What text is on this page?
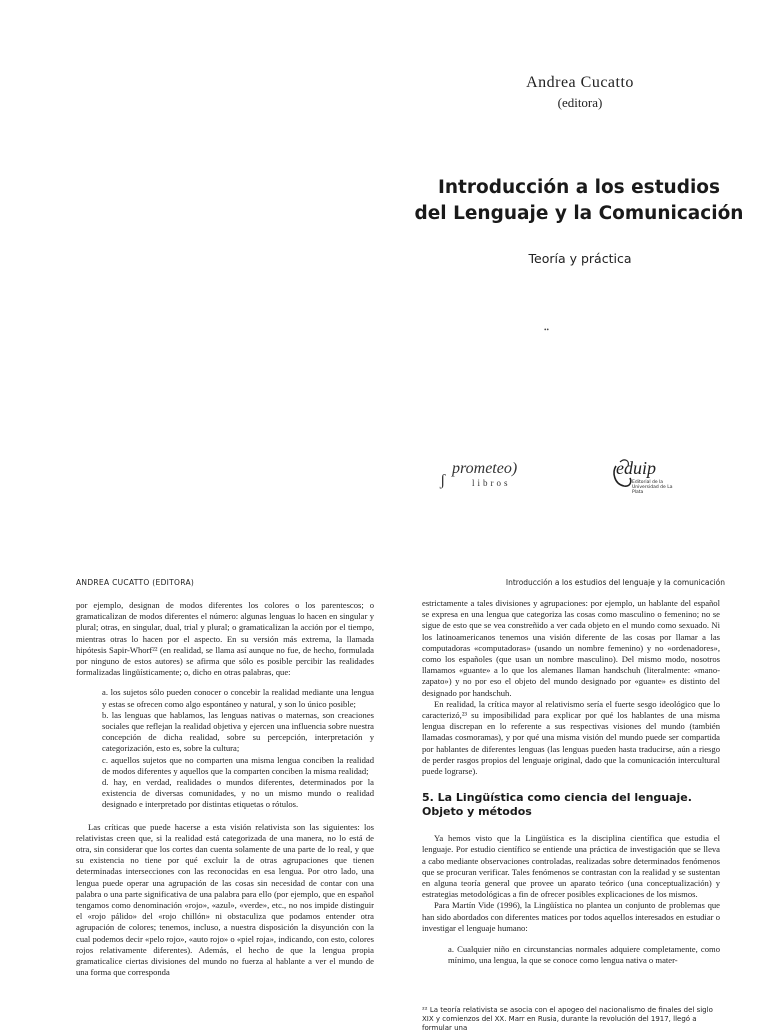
Andrea Cucatto
(editora)
Introducción a los estudios
del Lenguaje y la Comunicación
Teoría y práctica
••
ʃ
prometeo)
libros
eduip
Editorial de la Universidad de La Plata
ANDREA CUCATTO (EDITORA)	Introducción a los estudios del lenguaje y la comunicación

por ejemplo, designan de modos diferentes los colores o los parentescos; o gramaticalizan de modos diferentes el número: algunas lenguas lo hacen en singular y plural; otras, en singular, dual, trial y plural; o gramaticalizan la acción por el tiempo, mientras otras lo hacen por el aspecto. En su versión más extrema, la llamada hipótesis Sapir-Whorf²² (en realidad, se llama así aunque no fue, de hecho, formulada por ninguno de estos autores) se afirma que sólo es posible percibir las realidades formalizadas lingüísticamente; o, dicho en otras palabras, que:

a. los sujetos sólo pueden conocer o concebir la realidad mediante una lengua y estas se ofrecen como algo espontáneo y natural, y son lo único posible;

b. las lenguas que hablamos, las lenguas nativas o maternas, son creaciones sociales que reflejan la realidad objetiva y ejercen una influencia sobre nuestra concepción de dicha realidad, sobre su percepción, interpretación y categorización, esto es, sobre la cultura;

c. aquellos sujetos que no comparten una misma lengua conciben la realidad de modos diferentes y aquellos que la comparten conciben la misma realidad;

d. hay, en verdad, realidades o mundos diferentes, determinados por la existencia de diversas comunidades, y no un mismo mundo o realidad designado e interpretado por distintas etiquetas o rótulos.

Las críticas que puede hacerse a esta visión relativista son las siguientes: los relativistas creen que, si la realidad está categorizada de una manera, no lo está de otra, sin considerar que los cortes dan cuenta solamente de una parte de lo real, y que su existencia no tiene por qué excluir la de otras agrupaciones que tienen determinadas intersecciones con las reconocidas en esa lengua. Por otro lado, una lengua puede operar una agrupación de las cosas sin necesidad de contar con una palabra o una parte significativa de una palabra para ello (por ejemplo, que en español tengamos como denominación «rojo», «azul», «verde», etc., no nos impide distinguir el «rojo pálido» del «rojo chillón» ni obstaculiza que podamos entender otra agrupación de colores; tenemos, incluso, a nuestra disposición la disyunción con la cual podemos decir «pelo rojo», «auto rojo» o «piel roja», indicando, con esto, colores rojos relativamente diferentes). Además, el hecho de que la lengua propia gramaticalice ciertas divisiones del mundo no fuerza al hablante a ver el mundo de una forma que corresponda

estrictamente a tales divisiones y agrupaciones: por ejemplo, un hablante del español se expresa en una lengua que categoriza las cosas como masculino o femenino; no se sigue de esto que se vea constreñido a ver cada objeto en el mundo como sexuado. Ni los latinoamericanos tenemos una visión diferente de las cosas por llamar a las computadoras «computadoras» (usando un nombre femenino) y no «ordenadores», como los españoles (que usan un nombre masculino). Del mismo modo, nosotros llamamos «guante» a lo que los alemanes llaman handschuh (literalmente: «mano-zapato») y no por eso el objeto del mundo designado por «guante» es distinto del designado por handschuh.

En realidad, la crítica mayor al relativismo sería el fuerte sesgo ideológico que lo caracterizó,²³ su imposibilidad para explicar por qué los hablantes de una misma lengua discrepan en lo referente a sus respectivas visiones del mundo (también llamadas cosmoramas), y por qué una misma visión del mundo puede ser compartida por hablantes de diferentes lenguas (las lenguas pueden hasta traducirse, aún a riesgo de perder rasgos propios del lenguaje original, dado que la comunicación intercultural puede lograrse).

5. La Lingüística como ciencia del lenguaje. Objeto y métodos

Ya hemos visto que la Lingüística es la disciplina científica que estudia el lenguaje. Por estudio científico se entiende una práctica de investigación que se lleva a cabo mediante observaciones controladas, realizadas sobre determinados fenómenos que se procuran verificar. Tales fenómenos se contrastan con la realidad y se sustentan en alguna teoría general que provee un aparato teórico (una conceptualización) y estrategias metodológicas a fin de ofrecer posibles explicaciones de los mismos.

Para Martín Vide (1996), la Lingüística no plantea un conjunto de problemas que han sido abordados con diferentes matices por todos aquellos interesados en estudiar o investigar el lenguaje humano:

a. Cualquier niño en circunstancias normales adquiere completamente, como mínimo, una lengua, la que se conoce como lengua nativa o mater-

²² La teoría relativista se asocia con el apogeo del nacionalismo de finales del siglo XIX y comienzos del XX. Marr en Rusia, durante la revolución del 1917, llegó a formular una
